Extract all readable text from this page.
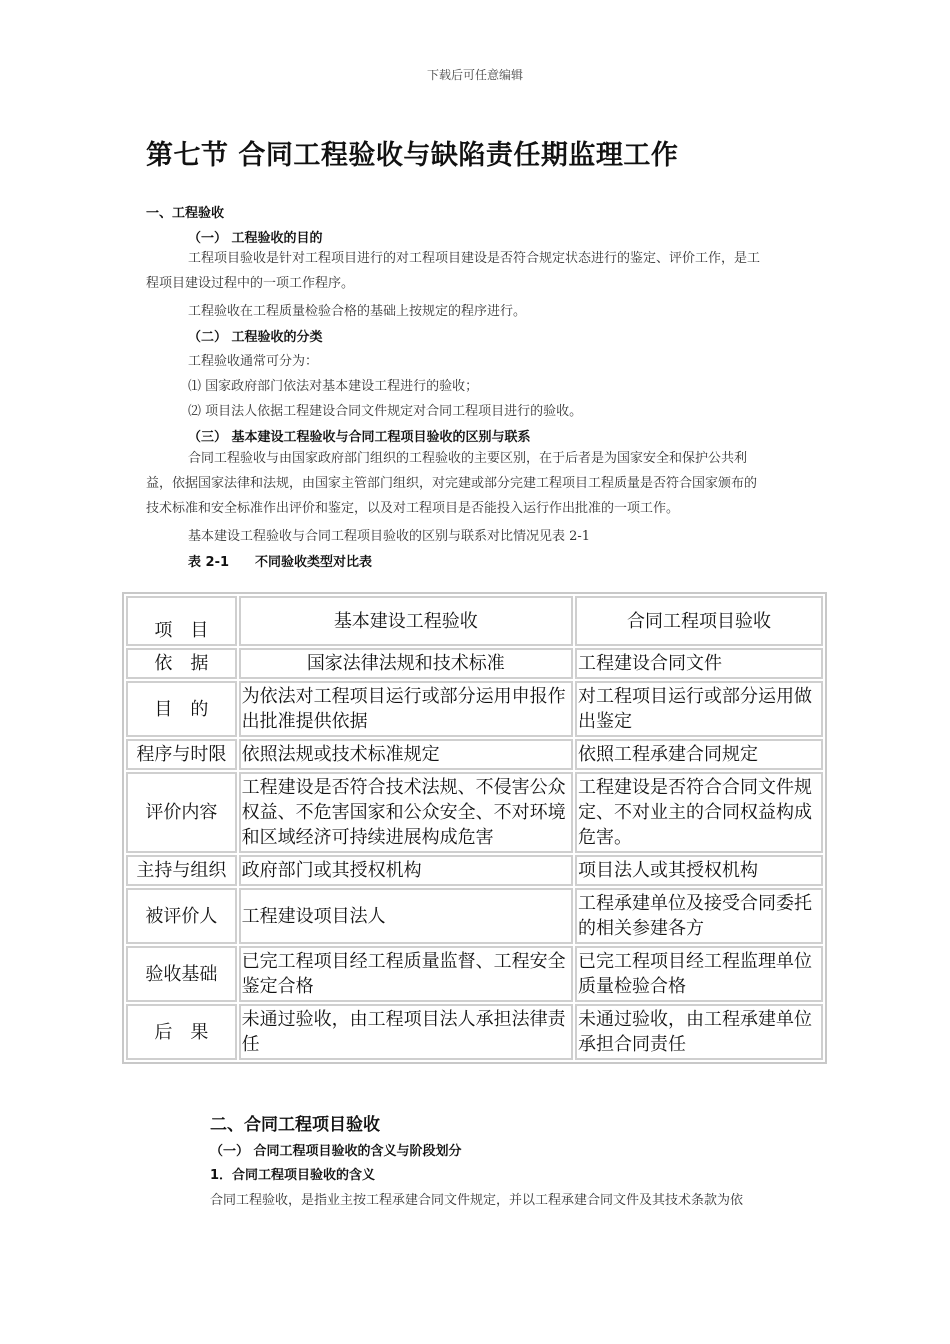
下载后可任意编辑
第七节 合同工程验收与缺陷责任期监理工作
一、工程验收
（一） 工程验收的目的
工程项目验收是针对工程项目进行的对工程项目建设是否符合规定状态进行的鉴定、评价工作，是工程项目建设过程中的一项工作程序。
工程验收在工程质量检验合格的基础上按规定的程序进行。
（二） 工程验收的分类
工程验收通常可分为：
⑴ 国家政府部门依法对基本建设工程进行的验收；
⑵ 项目法人依据工程建设合同文件规定对合同工程项目进行的验收。
（三） 基本建设工程验收与合同工程项目验收的区别与联系
合同工程验收与由国家政府部门组织的工程验收的主要区别，在于后者是为国家安全和保护公共利益，依据国家法律和法规，由国家主管部门组织，对完建或部分完建工程项目工程质量是否符合国家颁布的技术标准和安全标准作出评价和鉴定，以及对工程项目是否能投入运行作出批准的一项工作。
基本建设工程验收与合同工程项目验收的区别与联系对比情况见表 2-1
表 2-1　　不同验收类型对比表
项　目	基本建设工程验收	合同工程项目验收
依　据	国家法律法规和技术标准	工程建设合同文件
目　的	为依法对工程项目运行或部分运用申报作出批准提供依据	对工程项目运行或部分运用做出鉴定
程序与时限	依照法规或技术标准规定	依照工程承建合同规定
评价内容	工程建设是否符合技术法规、不侵害公众权益、不危害国家和公众安全、不对环境和区域经济可持续进展构成危害	工程建设是否符合合同文件规定、不对业主的合同权益构成危害。
主持与组织	政府部门或其授权机构	项目法人或其授权机构
被评价人	工程建设项目法人	工程承建单位及接受合同委托的相关参建各方
验收基础	已完工程项目经工程质量监督、工程安全鉴定合格	已完工程项目经工程监理单位质量检验合格
后　果	未通过验收，由工程项目法人承担法律责任	未通过验收，由工程承建单位承担合同责任
二、合同工程项目验收
（一） 合同工程项目验收的含义与阶段划分
1．合同工程项目验收的含义
合同工程验收，是指业主按工程承建合同文件规定，并以工程承建合同文件及其技术条款为依
